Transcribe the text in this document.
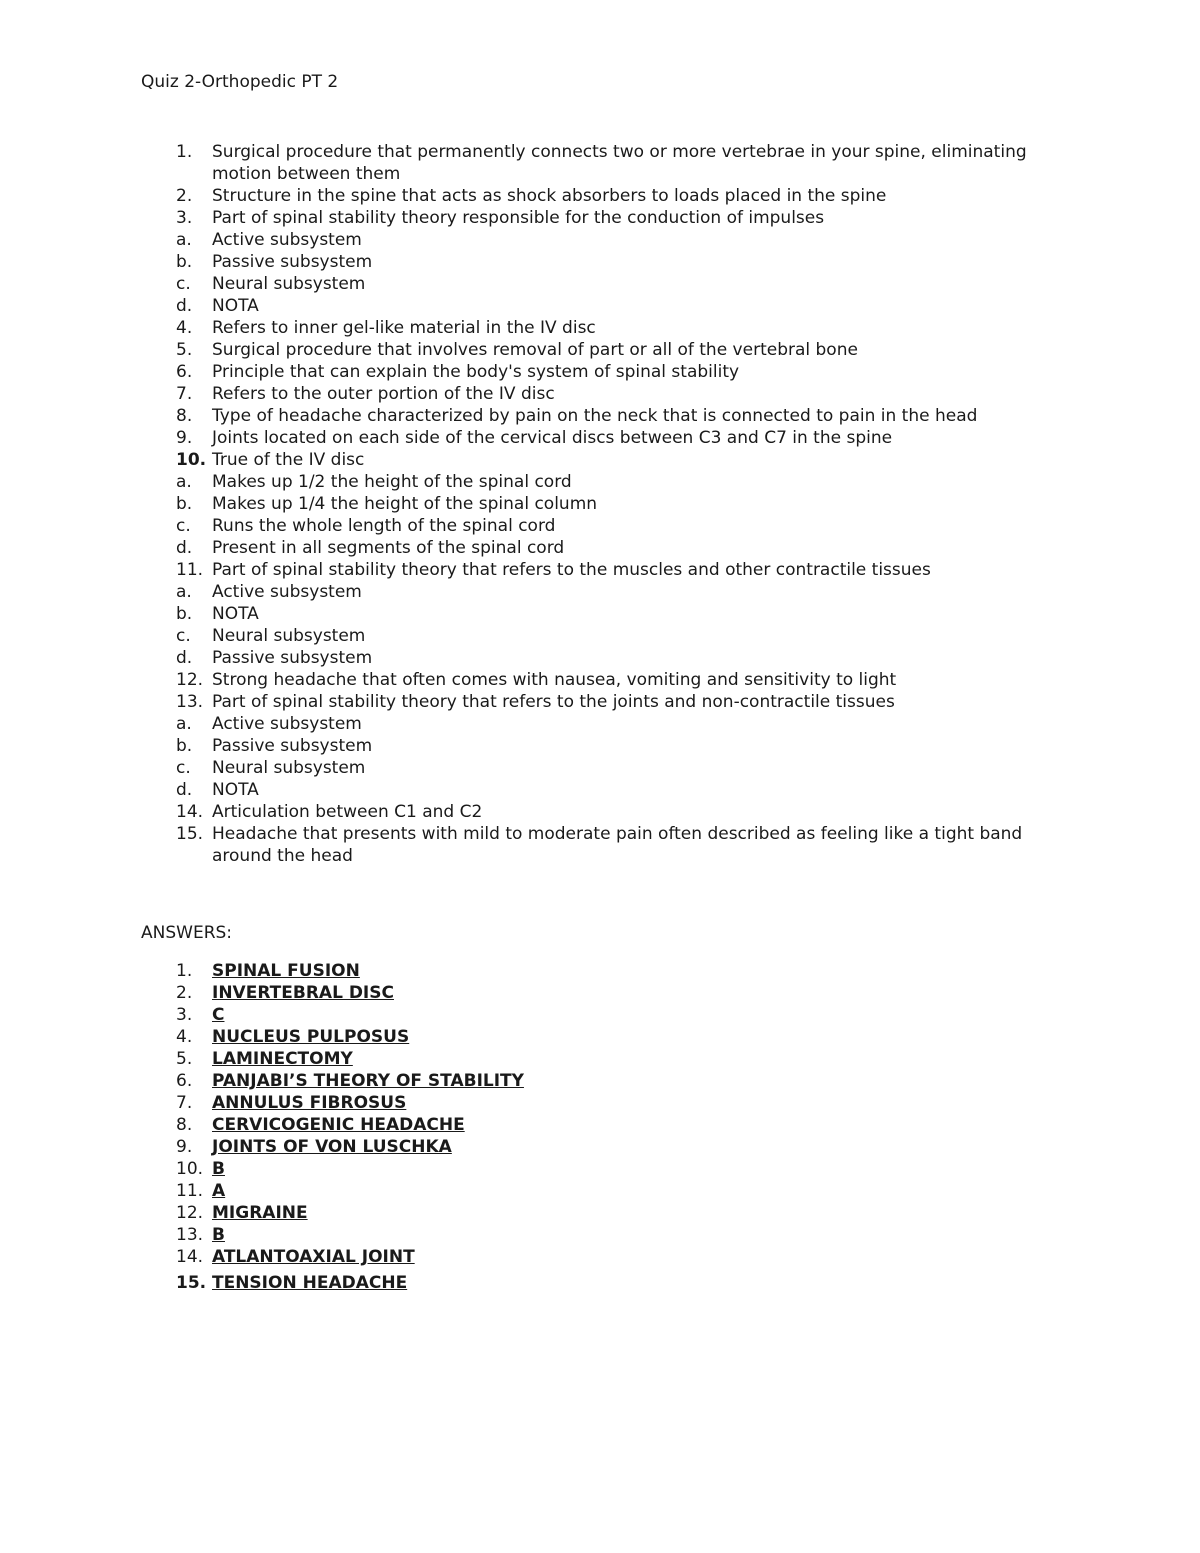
Quiz 2-Orthopedic PT 2
1. Surgical procedure that permanently connects two or more vertebrae in your spine, eliminating motion between them
2. Structure in the spine that acts as shock absorbers to loads placed in the spine
3. Part of spinal stability theory responsible for the conduction of impulses
a. Active subsystem
b. Passive subsystem
c. Neural subsystem
d. NOTA
4. Refers to inner gel-like material in the IV disc
5. Surgical procedure that involves removal of part or all of the vertebral bone
6. Principle that can explain the body's system of spinal stability
7. Refers to the outer portion of the IV disc
8. Type of headache characterized by pain on the neck that is connected to pain in the head
9. Joints located on each side of the cervical discs between C3 and C7 in the spine
10. True of the IV disc
a. Makes up 1/2 the height of the spinal cord
b. Makes up 1/4 the height of the spinal column
c. Runs the whole length of the spinal cord
d. Present in all segments of the spinal cord
11. Part of spinal stability theory that refers to the muscles and other contractile tissues
a. Active subsystem
b. NOTA
c. Neural subsystem
d. Passive subsystem
12. Strong headache that often comes with nausea, vomiting and sensitivity to light
13. Part of spinal stability theory that refers to the joints and non-contractile tissues
a. Active subsystem
b. Passive subsystem
c. Neural subsystem
d. NOTA
14. Articulation between C1 and C2
15. Headache that presents with mild to moderate pain often described as feeling like a tight band around the head
ANSWERS:
1. SPINAL FUSION
2. INVERTEBRAL DISC
3. C
4. NUCLEUS PULPOSUS
5. LAMINECTOMY
6. PANJABI’S THEORY OF STABILITY
7. ANNULUS FIBROSUS
8. CERVICOGENIC HEADACHE
9. JOINTS OF VON LUSCHKA
10. B
11. A
12. MIGRAINE
13. B
14. ATLANTOAXIAL JOINT
15. TENSION HEADACHE
